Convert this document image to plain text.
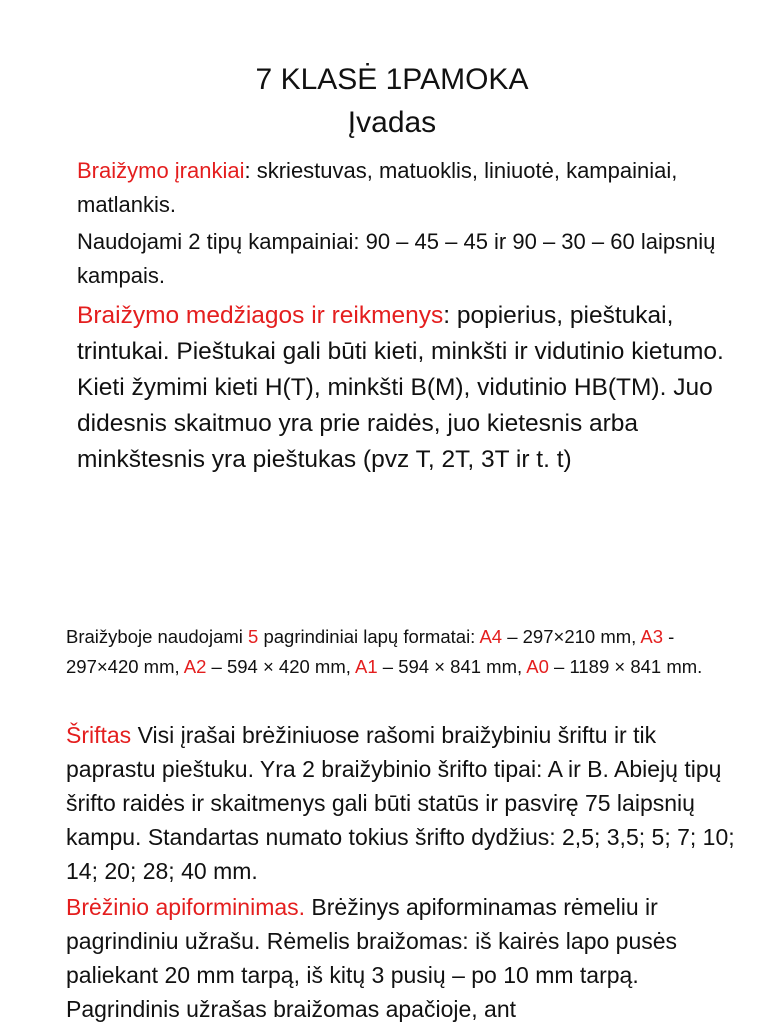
7 KLASĖ 1PAMOKA
Įvadas

Braižymo įrankiai: skriestuvas, matuoklis, liniuotė, kampainiai, matlankis.

Naudojami 2 tipų kampainiai: 90 – 45 – 45 ir 90 – 30 – 60 laipsnių kampais.

Braižymo medžiagos ir reikmenys: popierius, pieštukai, trintukai. Pieštukai gali būti kieti, minkšti ir vidutinio kietumo. Kieti žymimi kieti H(T), minkšti B(M), vidutinio HB(TM). Juo didesnis skaitmuo yra prie raidės, juo kietesnis arba minkštesnis yra pieštukas (pvz T, 2T, 3T ir t. t)

Braižyboje naudojami 5 pagrindiniai lapų formatai: A4 – 297×210 mm, A3 - 297×420 mm, A2 – 594 × 420 mm, A1 – 594 × 841 mm, A0 – 1189 × 841 mm.

Šriftas Visi įrašai brėžiniuose rašomi braižybiniu šriftu ir tik paprastu pieštuku. Yra 2 braižybinio šrifto tipai: A ir B. Abiejų tipų šrifto raidės ir skaitmenys gali būti statūs ir pasvirę 75 laipsnių kampu. Standartas numato tokius šrifto dydžius: 2,5; 3,5; 5; 7; 10; 14; 20; 28; 40 mm.

Brėžinio apiforminimas. Brėžinys apiforminamas rėmeliu ir pagrindiniu užrašu. Rėmelis braižomas: iš kairės lapo pusės paliekant 20 mm tarpą, iš kitų 3 pusių – po 10 mm tarpą. Pagrindinis užrašas braižomas apačioje, ant
